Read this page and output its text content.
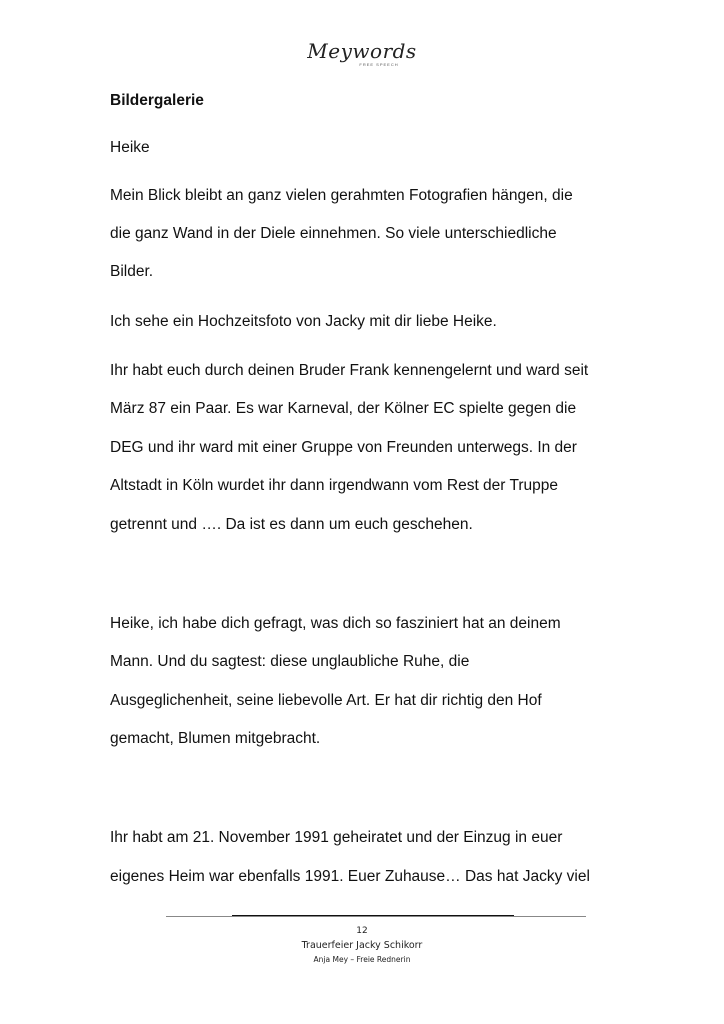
Meywords
FREE SPEECH
Bildergalerie
Heike
Mein Blick bleibt an ganz vielen gerahmten Fotografien hängen, die
die ganz Wand in der Diele einnehmen. So viele unterschiedliche
Bilder.
Ich sehe ein Hochzeitsfoto von Jacky mit dir liebe Heike.
Ihr habt euch durch deinen Bruder Frank kennengelernt und ward seit
März 87 ein Paar. Es war Karneval, der Kölner EC spielte gegen die
DEG und ihr ward mit einer Gruppe von Freunden unterwegs. In der
Altstadt in Köln wurdet ihr dann irgendwann vom Rest der Truppe
getrennt und …. Da ist es dann um euch geschehen.
Heike, ich habe dich gefragt, was dich so fasziniert hat an deinem
Mann. Und du sagtest: diese unglaubliche Ruhe, die
Ausgeglichenheit, seine liebevolle Art. Er hat dir richtig den Hof
gemacht, Blumen mitgebracht.
Ihr habt am 21. November 1991 geheiratet und der Einzug in euer
eigenes Heim war ebenfalls 1991. Euer Zuhause… Das hat Jacky viel
12
Trauerfeier Jacky Schikorr
Anja Mey – Freie Rednerin
